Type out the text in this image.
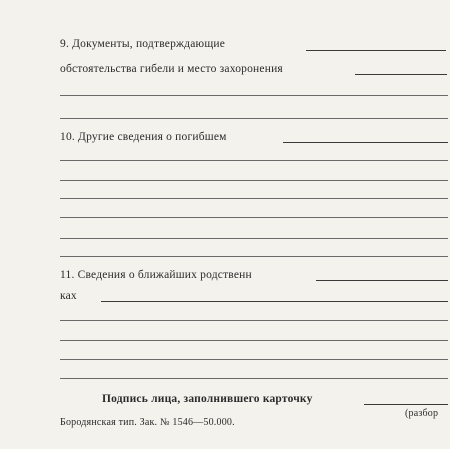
9. Документы, подтверждающие
обстоятельства гибели и место захоронения
10. Другие сведения о погибшем
11. Сведения о ближайших родственн
ках
Подпись лица, заполнившего карточку
(разбор
Бородянская тип. Зак. № 1546—50.000.
